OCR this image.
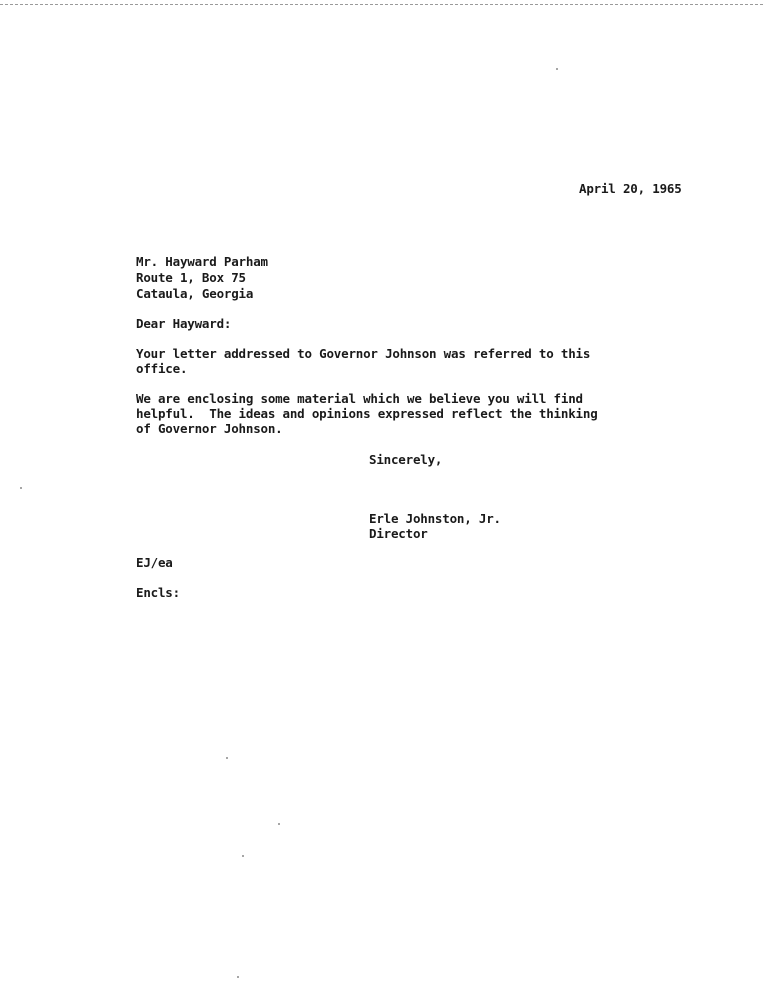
April 20, 1965
Mr. Hayward Parham
Route 1, Box 75
Cataula, Georgia
Dear Hayward:
Your letter addressed to Governor Johnson was referred to this
office.
We are enclosing some material which we believe you will find
helpful.  The ideas and opinions expressed reflect the thinking
of Governor Johnson.
Sincerely,
Erle Johnston, Jr.
Director
EJ/ea
Encls:
